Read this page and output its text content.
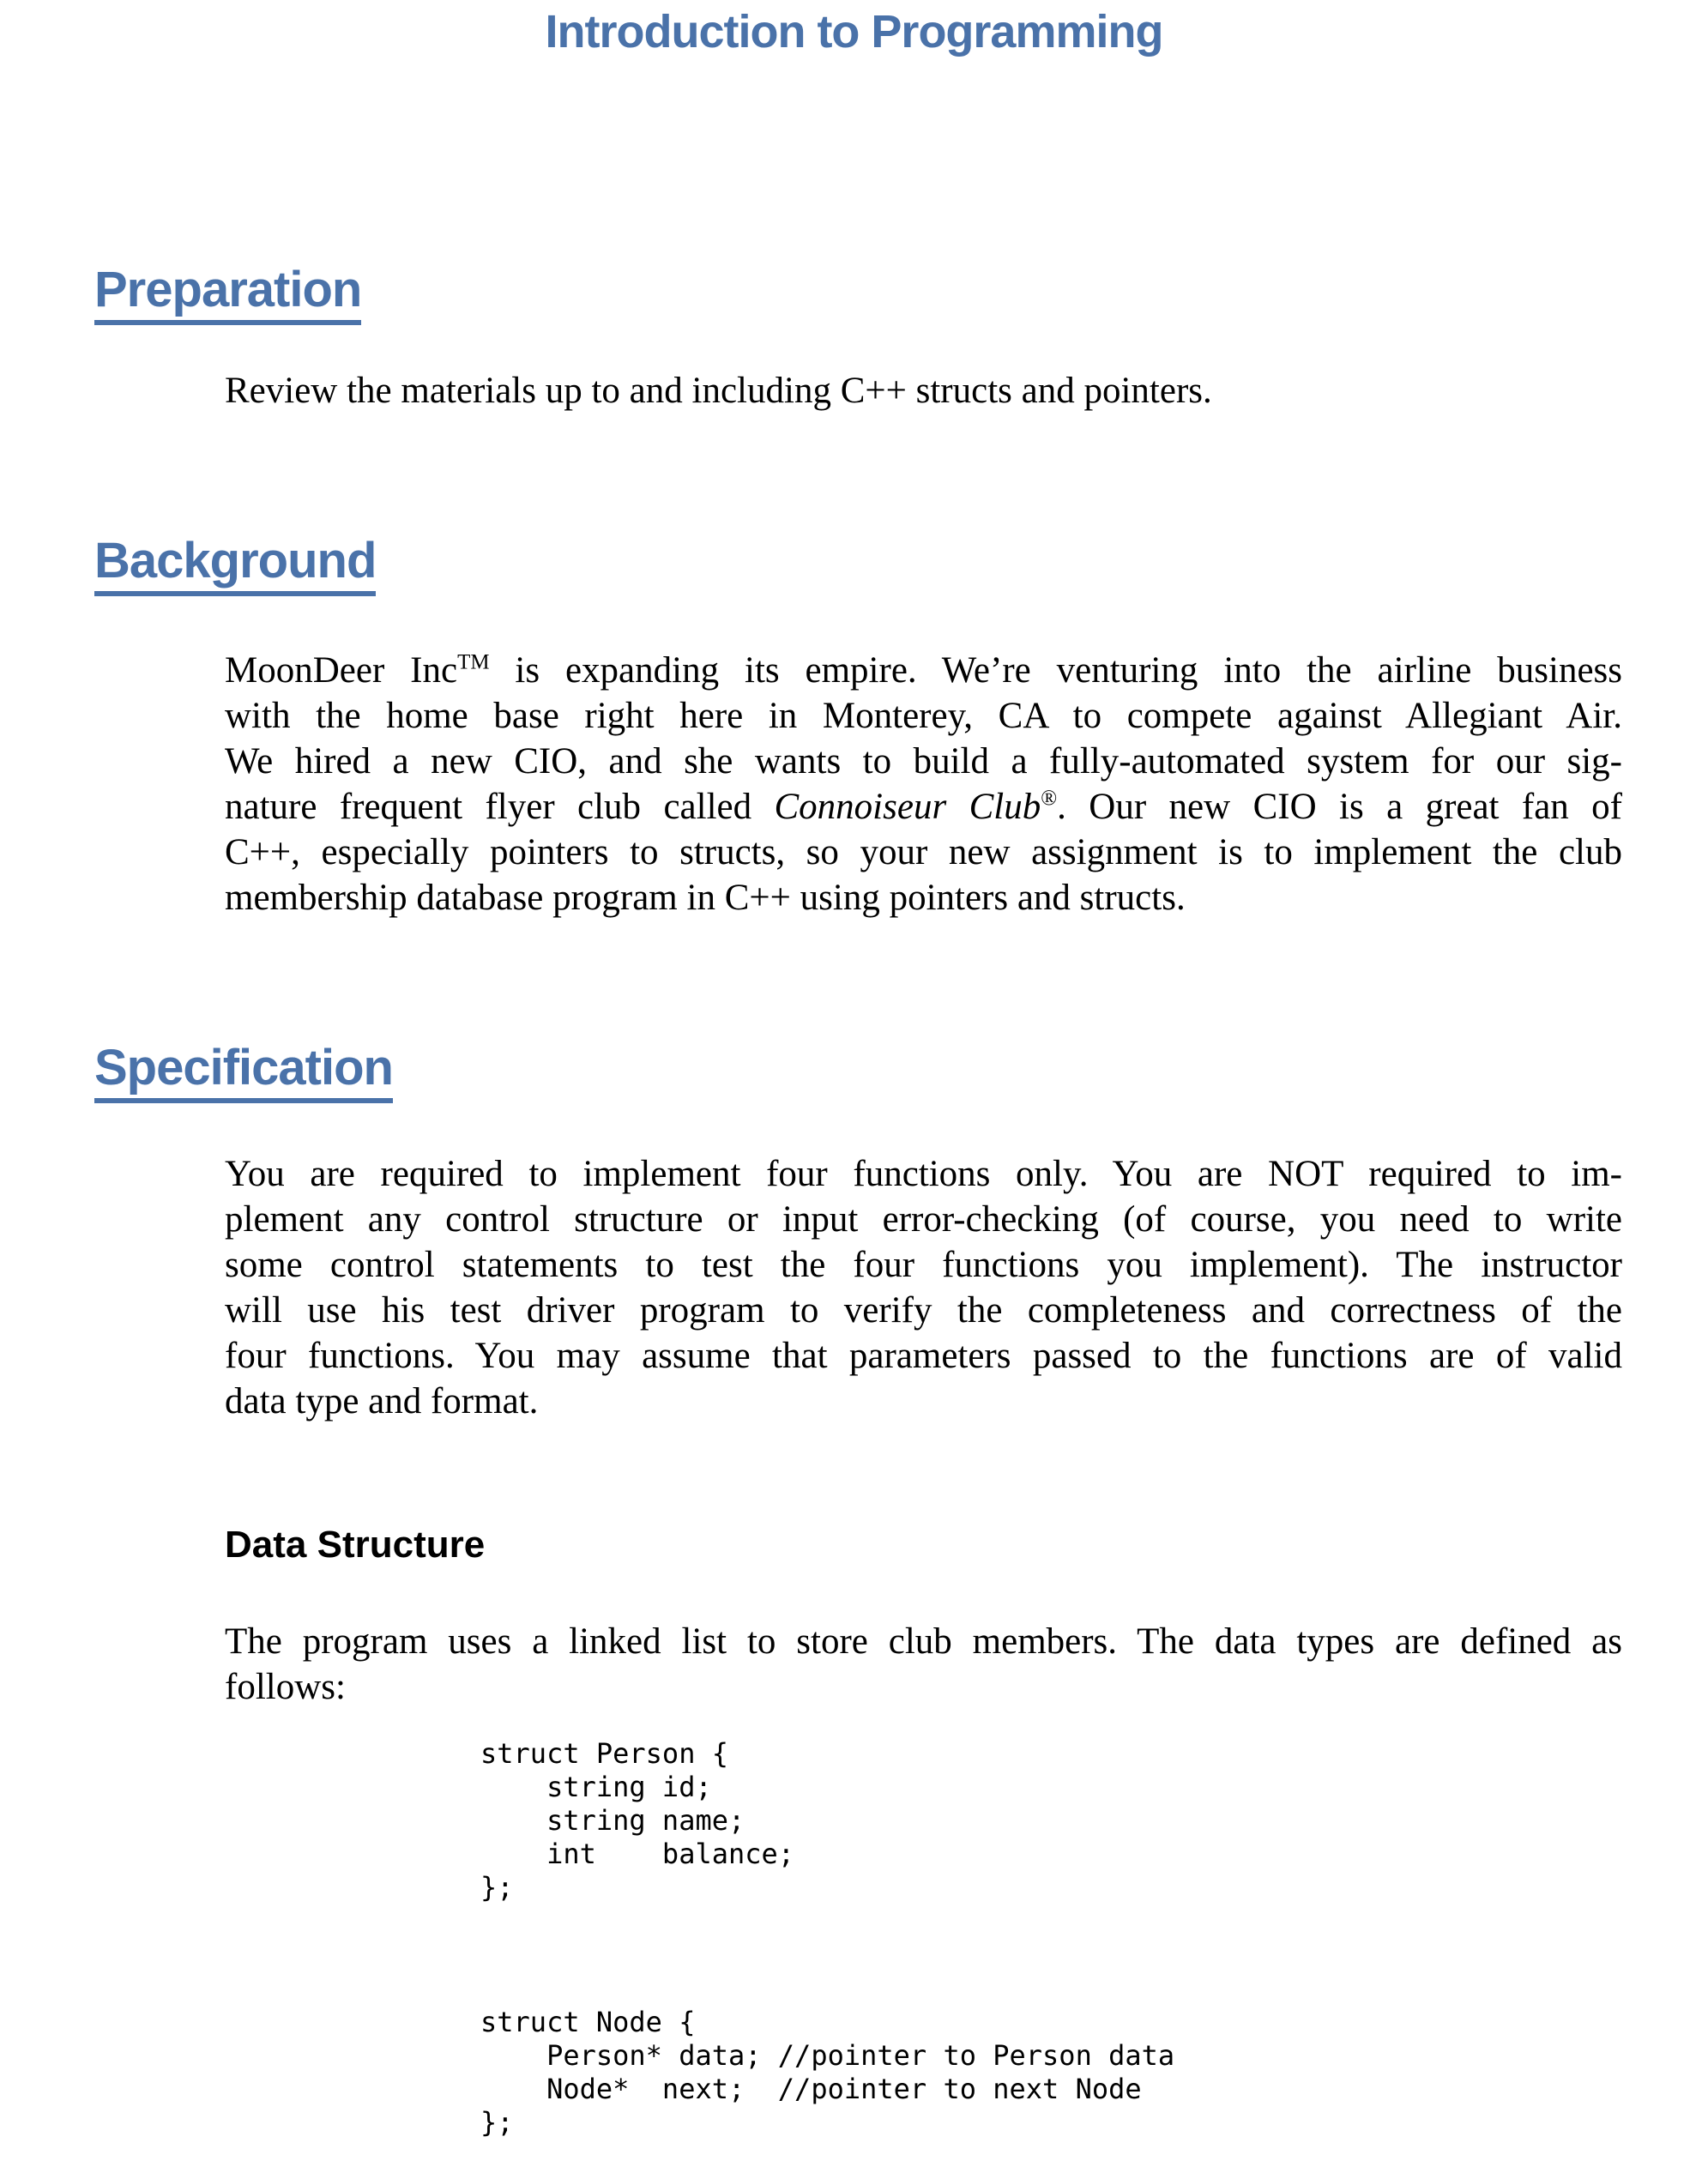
Introduction to Programming
Preparation
Review the materials up to and including C++ structs and pointers.
Background
MoonDeer Inc™ is expanding its empire. We’re venturing into the airline business
with the home base right here in Monterey, CA to compete against Allegiant Air.
We hired a new CIO, and she wants to build a fully-automated system for our sig-
nature frequent flyer club called Connoiseur Club®. Our new CIO is a great fan of
C++, especially pointers to structs, so your new assignment is to implement the club
membership database program in C++ using pointers and structs.
Specification
You are required to implement four functions only. You are NOT required to im-
plement any control structure or input error-checking (of course, you need to write
some control statements to test the four functions you implement). The instructor
will use his test driver program to verify the completeness and correctness of the
four functions. You may assume that parameters passed to the functions are of valid
data type and format.
Data Structure
The program uses a linked list to store club members. The data types are defined as
follows:
struct Person {
string id;
string name;
int    balance;
};
struct Node {
Person* data; //pointer to Person data
Node*  next;  //pointer to next Node
};
